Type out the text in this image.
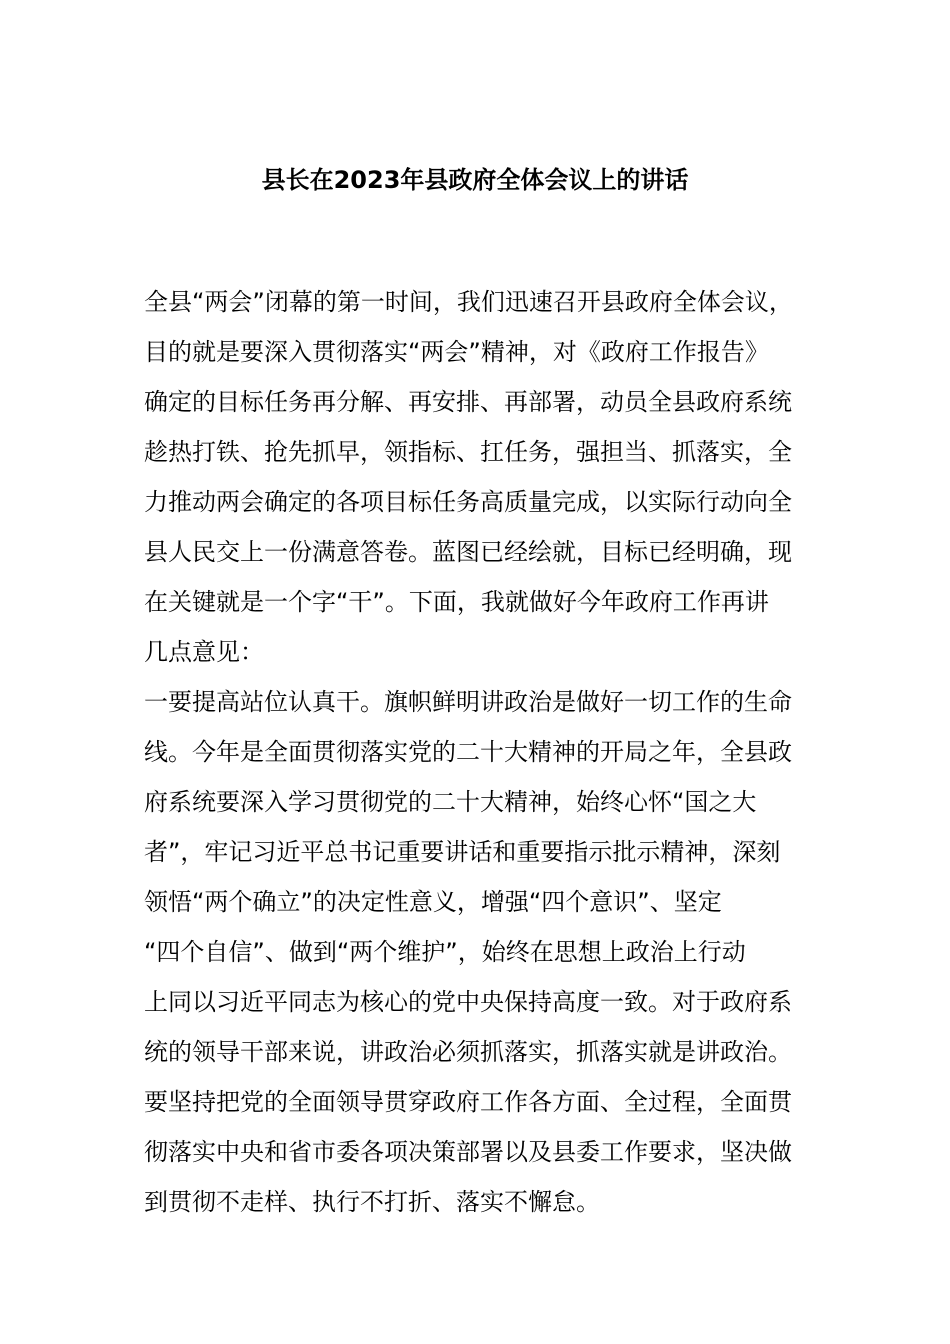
县长在2023年县政府全体会议上的讲话
全县“两会”闭幕的第一时间，我们迅速召开县政府全体会议，
目的就是要深入贯彻落实“两会”精神，对《政府工作报告》
确定的目标任务再分解、再安排、再部署，动员全县政府系统
趁热打铁、抢先抓早，领指标、扛任务，强担当、抓落实，全
力推动两会确定的各项目标任务高质量完成，以实际行动向全
县人民交上一份满意答卷。蓝图已经绘就，目标已经明确，现
在关键就是一个字“干”。下面，我就做好今年政府工作再讲
几点意见：
一要提高站位认真干。旗帜鲜明讲政治是做好一切工作的生命
线。今年是全面贯彻落实党的二十大精神的开局之年，全县政
府系统要深入学习贯彻党的二十大精神，始终心怀“国之大
者”，牢记习近平总书记重要讲话和重要指示批示精神，深刻
领悟“两个确立”的决定性意义，增强“四个意识”、坚定
“四个自信”、做到“两个维护”，始终在思想上政治上行动
上同以习近平同志为核心的党中央保持高度一致。对于政府系
统的领导干部来说，讲政治必须抓落实，抓落实就是讲政治。
要坚持把党的全面领导贯穿政府工作各方面、全过程，全面贯
彻落实中央和省市委各项决策部署以及县委工作要求，坚决做
到贯彻不走样、执行不打折、落实不懈怠。
